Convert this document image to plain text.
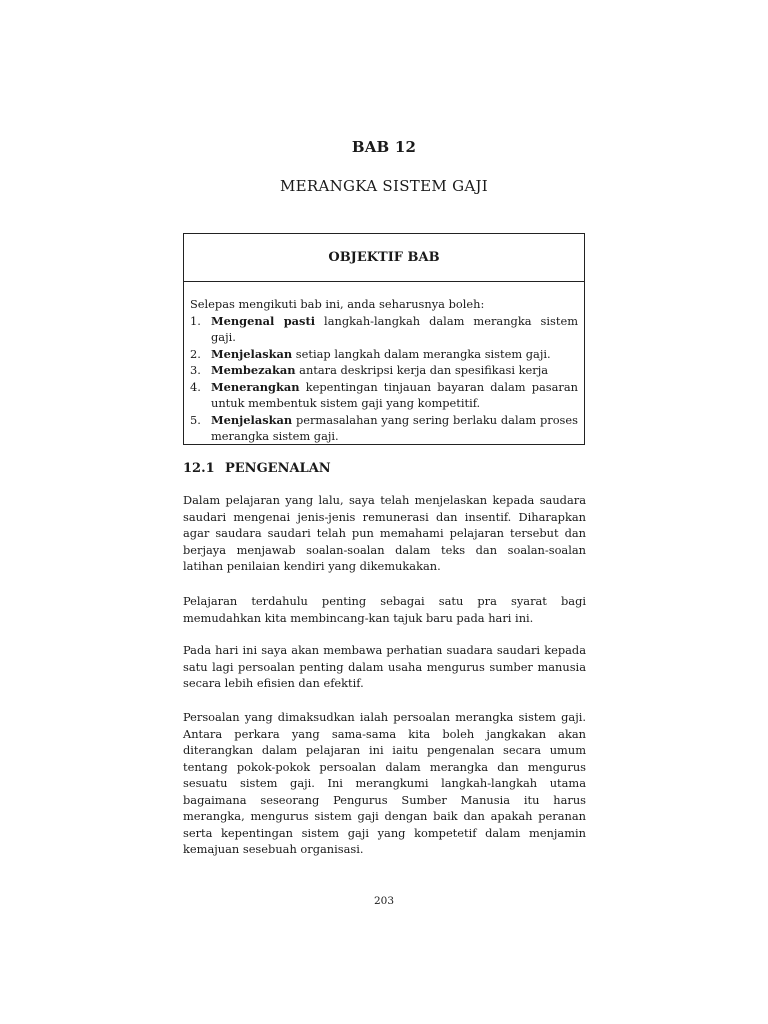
BAB 12
MERANGKA SISTEM GAJI
OBJEKTIF BAB

Selepas mengikuti bab ini, anda seharusnya boleh:

1. Mengenal pasti langkah-langkah dalam merangka sistem gaji.
2. Menjelaskan setiap langkah dalam merangka sistem gaji.
3. Membezakan antara deskripsi kerja dan spesifikasi kerja
4. Menerangkan kepentingan tinjauan bayaran dalam pasaran untuk membentuk sistem gaji yang kompetitif.
5. Menjelaskan permasalahan yang sering berlaku dalam proses merangka sistem gaji.
12.1 PENGENALAN

Dalam pelajaran yang lalu, saya telah menjelaskan kepada saudara saudari mengenai jenis-jenis remunerasi dan insentif. Diharapkan agar saudara saudari telah pun memahami pelajaran tersebut dan berjaya menjawab soalan-soalan dalam teks dan soalan-soalan latihan penilaian kendiri yang dikemukakan.

Pelajaran terdahulu penting sebagai satu pra syarat bagi memudahkan kita membincang-kan tajuk baru pada hari ini.

Pada hari ini saya akan membawa perhatian suadara saudari kepada satu lagi persoalan penting dalam usaha mengurus sumber manusia secara lebih efisien dan efektif.

Persoalan yang dimaksudkan ialah persoalan merangka sistem gaji. Antara perkara yang sama-sama kita boleh jangkakan akan diterangkan dalam pelajaran ini iaitu pengenalan secara umum tentang pokok-pokok persoalan dalam merangka dan mengurus sesuatu sistem gaji. Ini merangkumi langkah-langkah utama bagaimana seseorang Pengurus Sumber Manusia itu harus merangka, mengurus sistem gaji dengan baik dan apakah peranan serta kepentingan sistem gaji yang kompetetif dalam menjamin kemajuan sesebuah organisasi.

203
